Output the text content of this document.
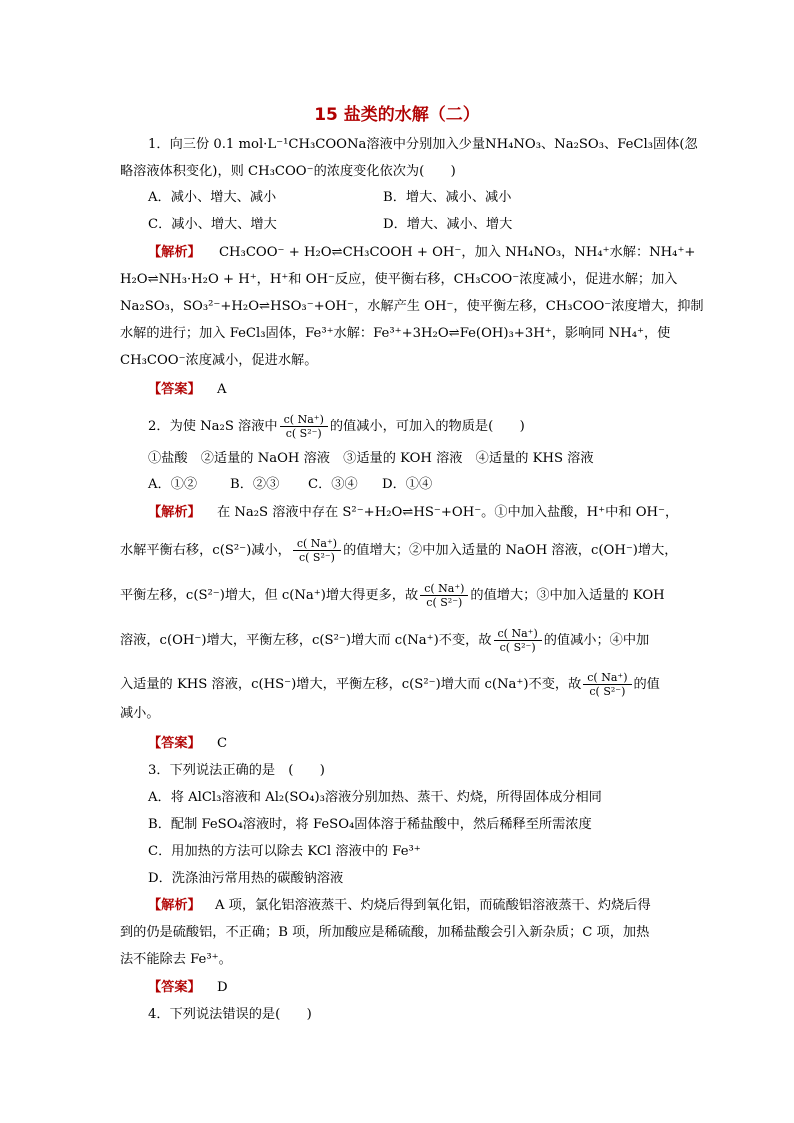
15 盐类的水解（二）
1．向三份 0.1 mol·L⁻¹CH₃COONa溶液中分别加入少量NH₄NO₃、Na₂SO₃、FeCl₃固体(忽
略溶液体积变化)，则 CH₃COO⁻的浓度变化依次为(　　)
A．减小、增大、减小	B．增大、减小、减小
C．减小、增大、增大	D．增大、减小、增大
【解析】 CH₃COO⁻ + H₂O⇌CH₃COOH + OH⁻，加入 NH₄NO₃，NH₄⁺水解：NH₄⁺+
H₂O⇌NH₃·H₂O + H⁺，H⁺和 OH⁻反应，使平衡右移，CH₃COO⁻浓度减小，促进水解；加入
Na₂SO₃，SO₃²⁻+H₂O⇌HSO₃⁻+OH⁻，水解产生 OH⁻，使平衡左移，CH₃COO⁻浓度增大，抑制
水解的进行；加入 FeCl₃固体，Fe³⁺水解：Fe³⁺+3H₂O⇌Fe(OH)₃+3H⁺，影响同 NH₄⁺，使
CH₃COO⁻浓度减小，促进水解。
【答案】 A
2．为使 Na₂S 溶液中 $\frac{c( Na^+)}{\text{c( S²⁻)}}$ 的值减小，可加入的物质是(　　)
①盐酸　②适量的 NaOH 溶液　③适量的 KOH 溶液　④适量的 KHS 溶液
A．①② B．②③ C．③④ D．①④
【解析】 在 Na₂S 溶液中存在 S²⁻+H₂O⇌HS⁻+OH⁻。①中加入盐酸，H⁺中和 OH⁻，
水解平衡右移，c(S²⁻)减小， $\frac{c( Na^+)}{\text{c( S²⁻)}}$ 的值增大；②中加入适量的 NaOH 溶液，c(OH⁻)增大，
平衡左移，c(S²⁻)增大，但 c(Na⁺)增大得更多，故 $\frac{c( Na^+)}{\text{c( S²⁻)}}$ 的值增大；③中加入适量的 KOH
溶液，c(OH⁻)增大，平衡左移，c(S²⁻)增大而 c(Na⁺)不变，故 $\frac{c( Na^+)}{\text{c( S²⁻)}}$ 的值减小；④中加
入适量的 KHS 溶液，c(HS⁻)增大，平衡左移，c(S²⁻)增大而 c(Na⁺)不变，故 $\frac{c( Na^+)}{\text{c( S²⁻)}}$ 的值
减小。
【答案】 C
3．下列说法正确的是　(　　)
A．将 AlCl₃溶液和 Al₂(SO₄)₃溶液分别加热、蒸干、灼烧，所得固体成分相同
B．配制 FeSO₄溶液时，将 FeSO₄固体溶于稀盐酸中，然后稀释至所需浓度
C．用加热的方法可以除去 KCl 溶液中的 Fe³⁺
D．洗涤油污常用热的碳酸钠溶液
【解析】 A 项，氯化铝溶液蒸干、灼烧后得到氧化铝，而硫酸铝溶液蒸干、灼烧后得
到的仍是硫酸铝，不正确；B 项，所加酸应是稀硫酸，加稀盐酸会引入新杂质；C 项，加热
法不能除去 Fe³⁺。
【答案】 D
4．下列说法错误的是(　　)
